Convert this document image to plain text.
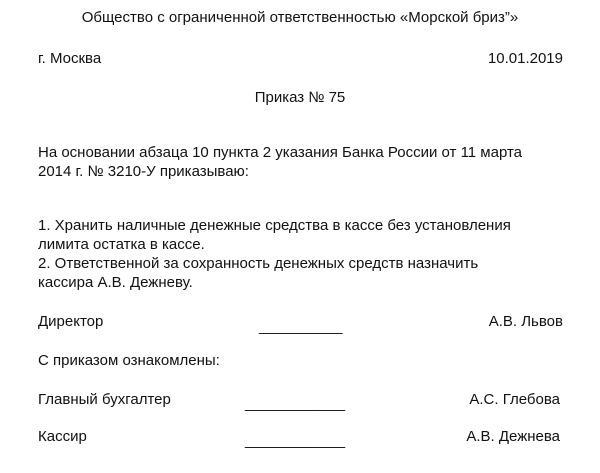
Общество с ограниченной ответственностью «Морской бриз”»
г. Москва	10.01.2019
Приказ № 75
На основании абзаца 10 пункта 2 указания Банка России от 11 марта
2014 г. № 3210-У приказываю:
1. Хранить наличные денежные средства в кассе без установления
лимита остатка в кассе.
2. Ответственной за сохранность денежных средств назначить
кассира А.В. Дежневу.
Директор	__________	А.В. Львов
С приказом ознакомлены:
Главный бухгалтер	____________	А.С. Глебова
Кассир	____________	А.В. Дежнева
